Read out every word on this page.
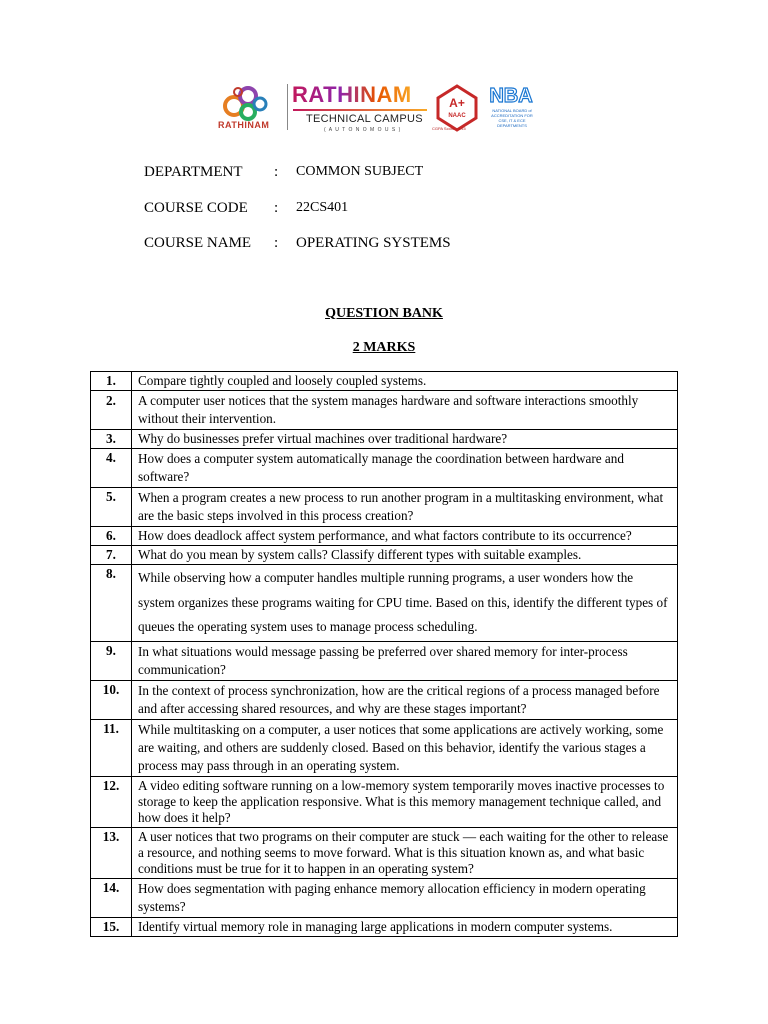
RATHINAM
RATHINAM
TECHNICAL CAMPUS
( A U T O N O M O U S )
A+
NAAC
CGPA Score - 3.45
NBA
NATIONAL BOARD of ACCREDITATION FOR CSE, IT & ECE DEPARTMENTS
DEPARTMENT : COMMON SUBJECT
COURSE CODE : 22CS401
COURSE NAME : OPERATING SYSTEMS
QUESTION BANK
2 MARKS
1.	Compare tightly coupled and loosely coupled systems.
2.	A computer user notices that the system manages hardware and software interactions smoothly without their intervention.
3.	Why do businesses prefer virtual machines over traditional hardware?
4.	How does a computer system automatically manage the coordination between hardware and software?
5.	When a program creates a new process to run another program in a multitasking environment, what are the basic steps involved in this process creation?
6.	How does deadlock affect system performance, and what factors contribute to its occurrence?
7.	What do you mean by system calls? Classify different types with suitable examples.
8.	While observing how a computer handles multiple running programs, a user wonders how the system organizes these programs waiting for CPU time. Based on this, identify the different types of queues the operating system uses to manage process scheduling.
9.	In what situations would message passing be preferred over shared memory for inter-process communication?
10.	In the context of process synchronization, how are the critical regions of a process managed before and after accessing shared resources, and why are these stages important?
11.	While multitasking on a computer, a user notices that some applications are actively working, some are waiting, and others are suddenly closed. Based on this behavior, identify the various stages a process may pass through in an operating system.
12.	A video editing software running on a low-memory system temporarily moves inactive processes to storage to keep the application responsive. What is this memory management technique called, and how does it help?
13.	A user notices that two programs on their computer are stuck — each waiting for the other to release a resource, and nothing seems to move forward. What is this situation known as, and what basic conditions must be true for it to happen in an operating system?
14.	How does segmentation with paging enhance memory allocation efficiency in modern operating systems?
15.	Identify virtual memory role in managing large applications in modern computer systems.
